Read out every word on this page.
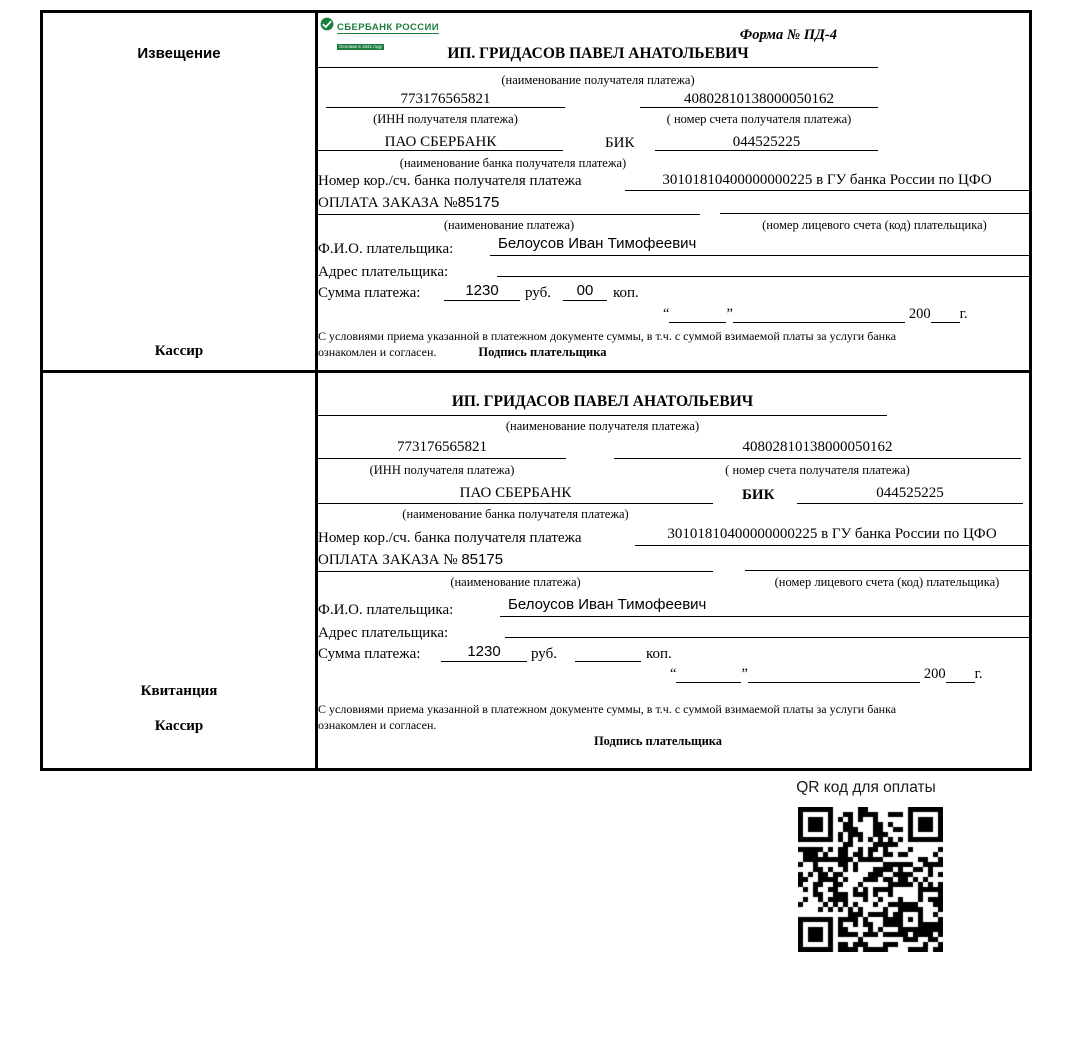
Извещение
Кассир
Квитанция
Кассир
СБЕРБАНК РОССИИ
Основан в 1841 году
Форма № ПД-4
ИП. ГРИДАСОВ ПАВЕЛ АНАТОЛЬЕВИЧ
(наименование получателя платежа)
773176565821	40802810138000050162
(ИНН получателя платежа)	( номер счета получателя платежа)
ПАО СБЕРБАНК	БИК	044525225
(наименование банка получателя платежа)
Номер кор./сч. банка получателя платежа	30101810400000000225 в ГУ банка России по ЦФО
ОПЛАТА ЗАКАЗА №85175
(наименование платежа)	(номер лицевого счета (код) плательщика)
Ф.И.О. плательщика:	Белоусов Иван Тимофеевич
Адрес плательщика:
Сумма платежа:	1230	руб.	00	коп.
“	”	200 г.
С условиями приема указанной в платежном документе суммы, в т.ч. с суммой взимаемой платы за услуги банка
ознакомлен и согласен.	Подпись плательщика
ИП. ГРИДАСОВ ПАВЕЛ АНАТОЛЬЕВИЧ
(наименование получателя платежа)
773176565821	40802810138000050162
(ИНН получателя платежа)	( номер счета получателя платежа)
ПАО СБЕРБАНК	БИК	044525225
(наименование банка получателя платежа)
Номер кор./сч. банка получателя платежа	30101810400000000225 в ГУ банка России по ЦФО
ОПЛАТА ЗАКАЗА № 85175
(наименование платежа)	(номер лицевого счета (код) плательщика)
Ф.И.О. плательщика:	Белоусов Иван Тимофеевич
Адрес плательщика:
Сумма платежа:	1230	руб.	коп.
“	”	200 г.
С условиями приема указанной в платежном документе суммы, в т.ч. с суммой взимаемой платы за услуги банка
ознакомлен и согласен.
Подпись плательщика
QR код для оплаты
